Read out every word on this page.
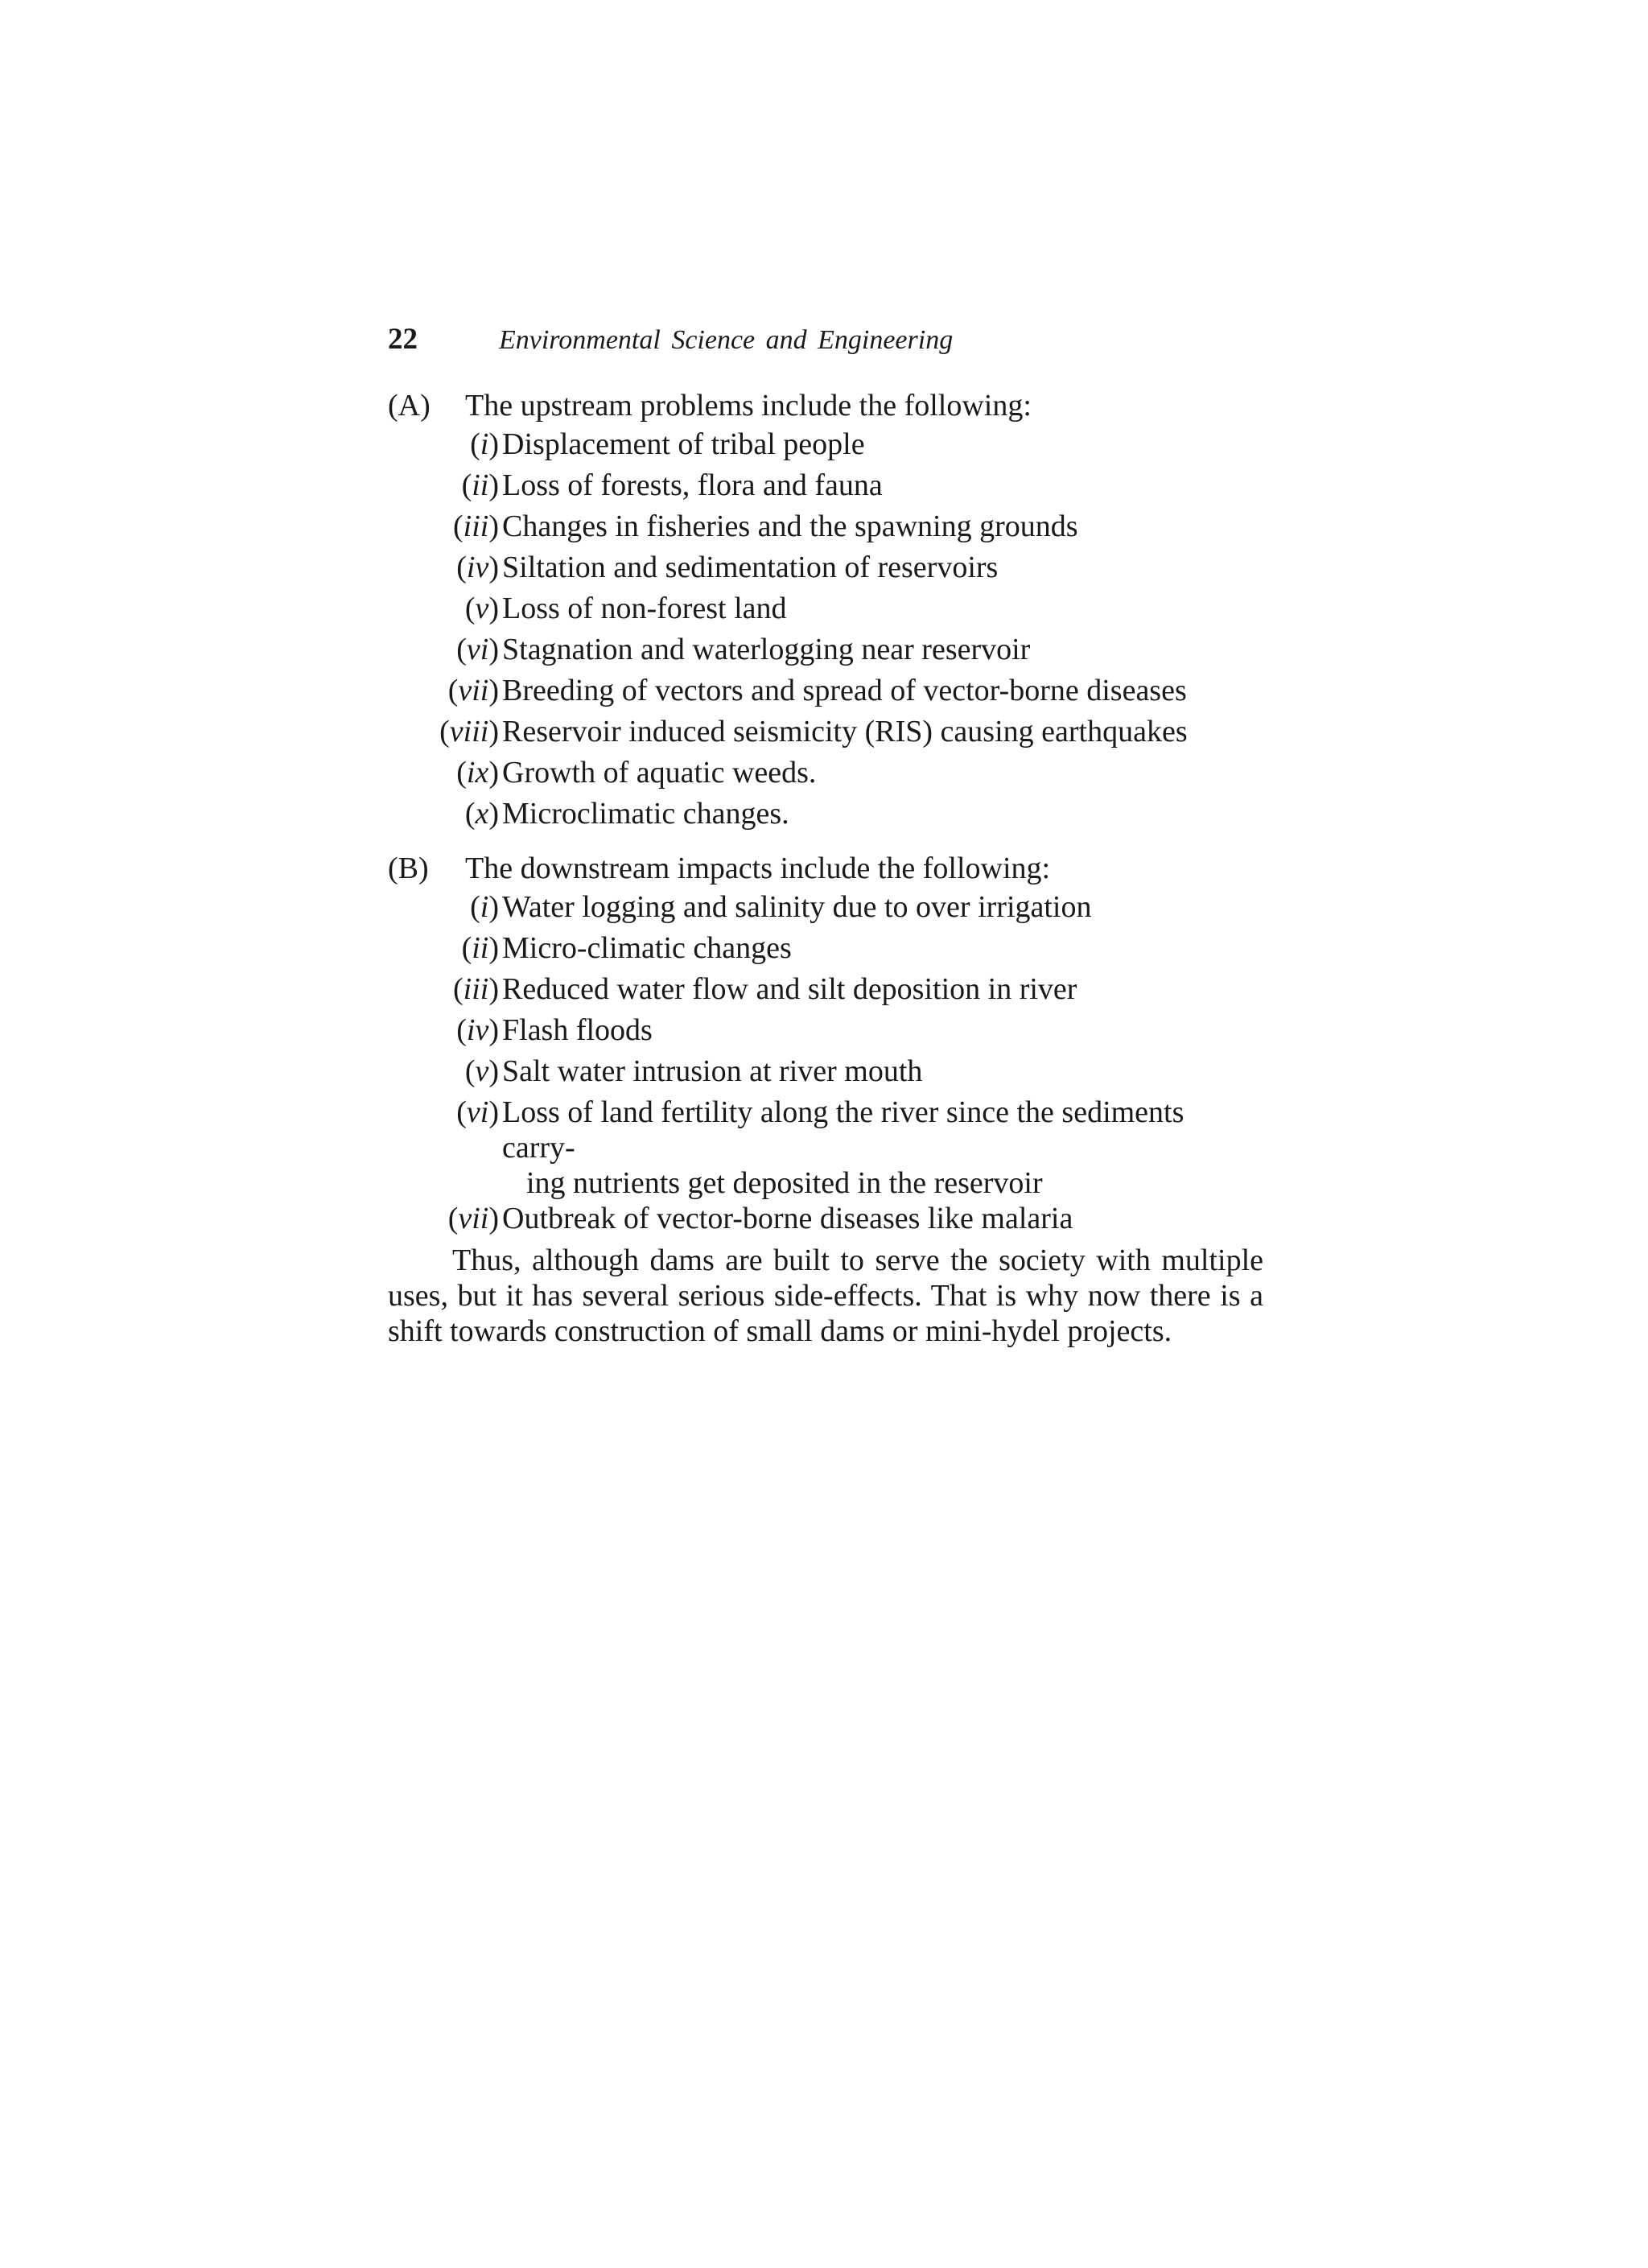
22	Environmental Science and Engineering
(A) The upstream problems include the following:
(i) Displacement of tribal people
(ii) Loss of forests, flora and fauna
(iii) Changes in fisheries and the spawning grounds
(iv) Siltation and sedimentation of reservoirs
(v) Loss of non-forest land
(vi) Stagnation and waterlogging near reservoir
(vii) Breeding of vectors and spread of vector-borne diseases
(viii) Reservoir induced seismicity (RIS) causing earthquakes
(ix) Growth of aquatic weeds.
(x) Microclimatic changes.
(B) The downstream impacts include the following:
(i) Water logging and salinity due to over irrigation
(ii) Micro-climatic changes
(iii) Reduced water flow and silt deposition in river
(iv) Flash floods
(v) Salt water intrusion at river mouth
(vi) Loss of land fertility along the river since the sediments carry-
ing nutrients get deposited in the reservoir
(vii) Outbreak of vector-borne diseases like malaria

Thus, although dams are built to serve the society with multiple uses, but it has several serious side-effects. That is why now there is a shift towards construction of small dams or mini-hydel projects.
